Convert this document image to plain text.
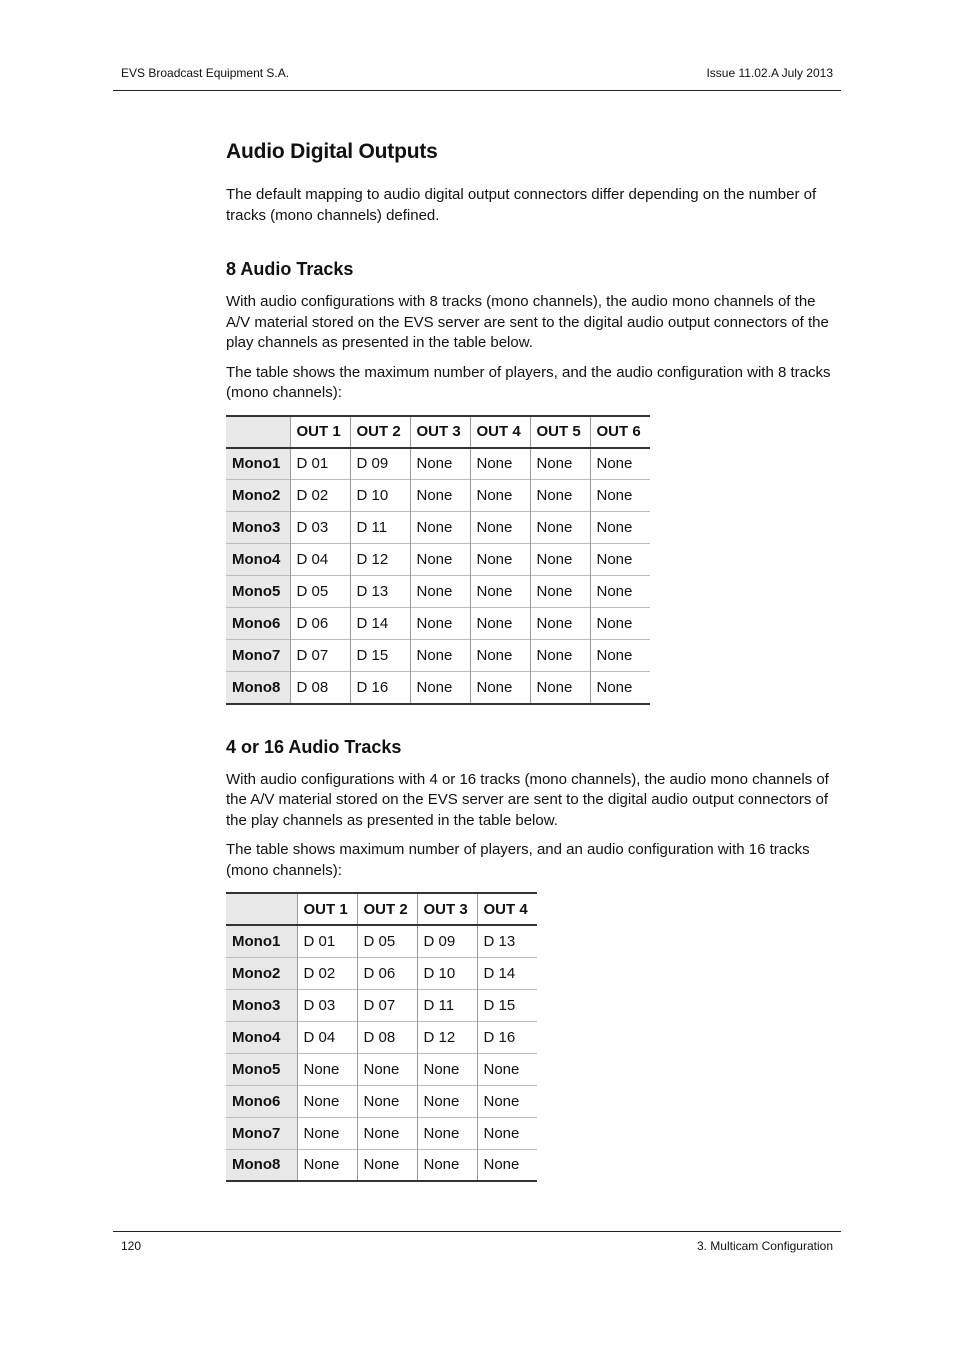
EVS Broadcast Equipment S.A.	Issue 11.02.A July 2013
Audio Digital Outputs

The default mapping to audio digital output connectors differ depending on the number of tracks (mono channels) defined.

8 Audio Tracks

With audio configurations with 8 tracks (mono channels), the audio mono channels of the A/V material stored on the EVS server are sent to the digital audio output connectors of the play channels as presented in the table below.

The table shows the maximum number of players, and the audio configuration with 8 tracks (mono channels):

	OUT 1	OUT 2	OUT 3	OUT 4	OUT 5	OUT 6
Mono1	D 01	D 09	None	None	None	None
Mono2	D 02	D 10	None	None	None	None
Mono3	D 03	D 11	None	None	None	None
Mono4	D 04	D 12	None	None	None	None
Mono5	D 05	D 13	None	None	None	None
Mono6	D 06	D 14	None	None	None	None
Mono7	D 07	D 15	None	None	None	None
Mono8	D 08	D 16	None	None	None	None
4 or 16 Audio Tracks

With audio configurations with 4 or 16 tracks (mono channels), the audio mono channels of the A/V material stored on the EVS server are sent to the digital audio output connectors of the play channels as presented in the table below.

The table shows maximum number of players, and an audio configuration with 16 tracks (mono channels):

	OUT 1	OUT 2	OUT 3	OUT 4
Mono1	D 01	D 05	D 09	D 13
Mono2	D 02	D 06	D 10	D 14
Mono3	D 03	D 07	D 11	D 15
Mono4	D 04	D 08	D 12	D 16
Mono5	None	None	None	None
Mono6	None	None	None	None
Mono7	None	None	None	None
Mono8	None	None	None	None
120	3. Multicam Configuration
